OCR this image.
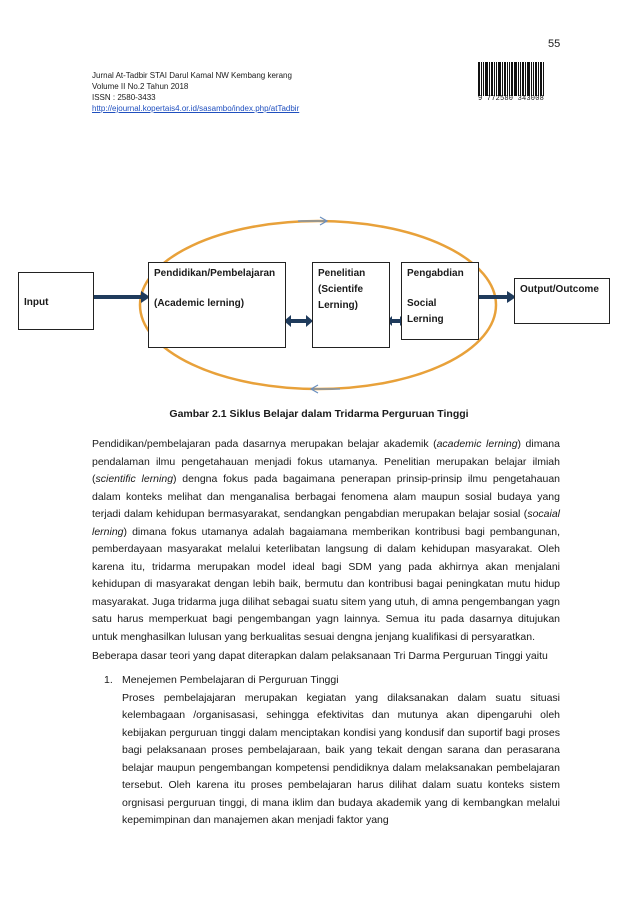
55
Jurnal At-Tadbir STAI Darul Kamal NW Kembang kerang
Volume II No.2 Tahun 2018
ISSN : 2580-3433
http://ejournal.kopertais4.or.id/sasambo/index.php/atTadbir
9 772580 343008
Input
Pendidikan/Pembelajaran
(Academic lerning)
Penelitian
(Scientife
Lerning)
Pengabdian
Social
Lerning
Output/Outcome
Gambar 2.1 Siklus Belajar dalam Tridarma Perguruan Tinggi
Pendidikan/pembelajaran pada dasarnya merupakan belajar akademik (academic lerning) dimana pendalaman ilmu pengetahauan menjadi fokus utamanya. Penelitian merupakan belajar ilmiah (scientific lerning) dengna fokus pada bagaimana penerapan prinsip-prinsip ilmu pengetahauan dalam konteks melihat dan menganalisa berbagai fenomena alam maupun sosial budaya yang terjadi dalam kehidupan bermasyarakat, sendangkan pengabdian merupakan belajar sosial (socaial lerning) dimana fokus utamanya adalah bagaiamana memberikan kontribusi bagi pembangunan, pemberdayaan masyarakat melalui keterlibatan langsung di dalam kehidupan masyarakat. Oleh karena itu, tridarma merupakan model ideal bagi SDM yang pada akhirnya akan menjalani kehidupan di masyarakat dengan lebih baik, bermutu dan kontribusi bagai peningkatan mutu hidup masyarakat. Juga tridarma juga dilihat sebagai suatu sitem yang utuh, di amna pengembangan yagn satu harus memperkuat bagi pengembangan yagn lainnya. Semua itu pada dasarnya ditujukan untuk menghasilkan lulusan yang berkualitas sesuai dengna jenjang kualifikasi di persyaratkan.
Beberapa dasar teori yang dapat diterapkan dalam pelaksanaan Tri Darma Perguruan Tinggi yaitu
1. Menejemen Pembelajaran di Perguruan Tinggi
Proses pembelajajaran merupakan kegiatan yang dilaksanakan dalam suatu situasi kelembagaan /organisasasi, sehingga efektivitas dan mutunya akan dipengaruhi oleh kebijakan perguruan tinggi dalam menciptakan kondisi yang kondusif dan suportif bagi proses bagi pelaksanaan proses pembelajaraan, baik yang tekait dengan sarana dan perasarana belajar maupun pengembangan kompetensi pendidiknya dalam melaksanakan pembelajaran tersebut. Oleh karena itu proses pembelajaran harus dilihat dalam suatu konteks sistem orgnisasi perguruan tinggi, di mana iklim dan budaya akademik yang di kembangkan melalui kepemimpinan dan manajemen akan menjadi faktor yang
